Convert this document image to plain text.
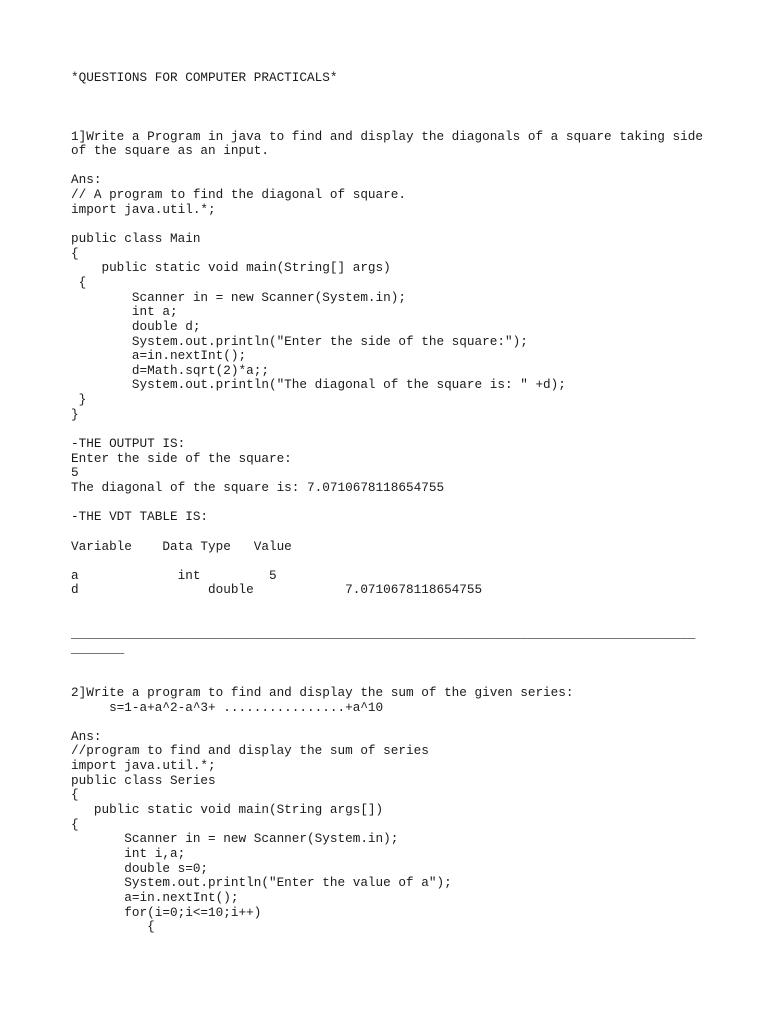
*QUESTIONS FOR COMPUTER PRACTICALS*
1]Write a Program in java to find and display the diagonals of a square taking side
of the square as an input.
Ans:
// A program to find the diagonal of square.
import java.util.*;
public class Main
{
public static void main(String[] args)
{
Scanner in = new Scanner(System.in);
int a;
double d;
System.out.println("Enter the side of the square:");
a=in.nextInt();
d=Math.sqrt(2)*a;;
System.out.println("The diagonal of the square is: " +d);
}
}
-THE OUTPUT IS:
Enter the side of the square:
5
The diagonal of the square is: 7.0710678118654755
-THE VDT TABLE IS:
Variable    Data Type   Value
a             int         5
d                 double            7.0710678118654755
__________________________________________________________________________________
_______
2]Write a program to find and display the sum of the given series:
s=1-a+a^2-a^3+ ................+a^10
Ans:
//program to find and display the sum of series
import java.util.*;
public class Series
{
public static void main(String args[])
{
Scanner in = new Scanner(System.in);
int i,a;
double s=0;
System.out.println("Enter the value of a");
a=in.nextInt();
for(i=0;i<=10;i++)
{
